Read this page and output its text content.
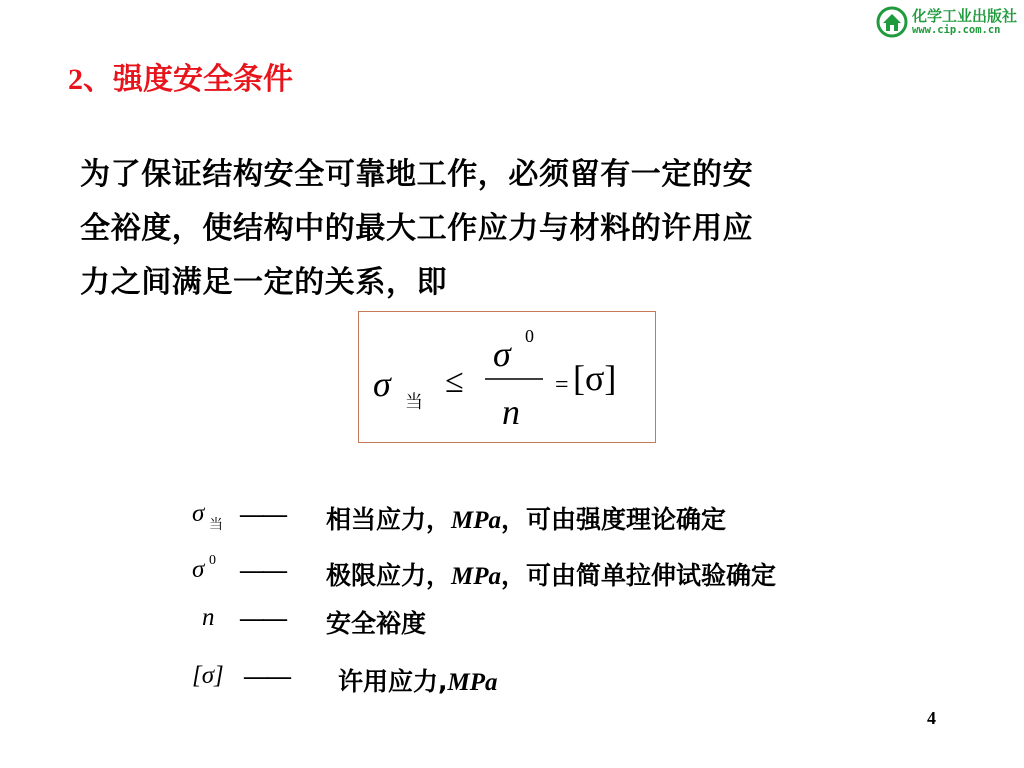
化学工业出版社
www.cip.com.cn
2、强度安全条件

为了保证结构安全可靠地工作，必须留有一定的安
全裕度，使结构中的最大工作应力与材料的许用应
力之间满足一定的关系，即

σ 当
≤
σ 0
n
= [σ]
σ 当 —— 相当应力，MPa，可由强度理论确定
σ 0 —— 极限应力，MPa，可由简单拉伸试验确定
n —— 安全裕度
[σ] —— 许用应力,MPa
4
